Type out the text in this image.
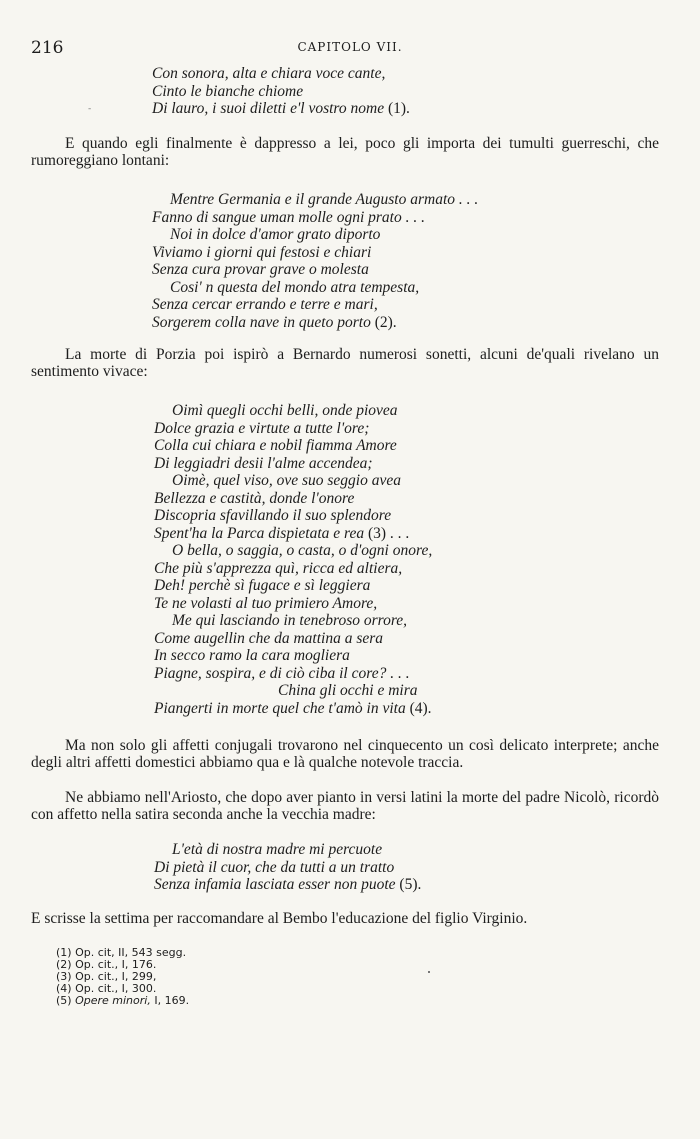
216	CAPITOLO VII.
Con sonora, alta e chiara voce cante,
Cinto le bianche chiome
Di lauro, i suoi diletti e'l vostro nome (1).
-
E quando egli finalmente è dappresso a lei, poco gli importa dei tumulti guerreschi, che rumoreggiano lontani:
Mentre Germania e il grande Augusto armato . . .
Fanno di sangue uman molle ogni prato . . .
Noi in dolce d'amor grato diporto
Viviamo i giorni qui festosi e chiari
Senza cura provar grave o molesta
Cosi' n questa del mondo atra tempesta,
Senza cercar errando e terre e mari,
Sorgerem colla nave in queto porto (2).
La morte di Porzia poi ispirò a Bernardo numerosi sonetti, alcuni de'quali rivelano un sentimento vivace:
Oimì quegli occhi belli, onde piovea
Dolce grazia e virtute a tutte l'ore;
Colla cui chiara e nobil fiamma Amore
Di leggiadri desii l'alme accendea;
Oimè, quel viso, ove suo seggio avea
Bellezza e castità, donde l'onore
Discopria sfavillando il suo splendore
Spent'ha la Parca dispietata e rea (3) . . .
O bella, o saggia, o casta, o d'ogni onore,
Che più s'apprezza quì, ricca ed altiera,
Deh! perchè sì fugace e sì leggiera
Te ne volasti al tuo primiero Amore,
Me qui lasciando in tenebroso orrore,
Come augellin che da mattina a sera
In secco ramo la cara mogliera
Piagne, sospira, e di ciò ciba il core? . . .
China gli occhi e mira
Piangerti in morte quel che t'amò in vita (4).
Ma non solo gli affetti conjugali trovarono nel cinquecento un così delicato interprete; anche degli altri affetti domestici abbiamo qua e là qualche notevole traccia.
Ne abbiamo nell'Ariosto, che dopo aver pianto in versi latini la morte del padre Nicolò, ricordò con affetto nella satira seconda anche la vecchia madre:
L'età di nostra madre mi percuote
Di pietà il cuor, che da tutti a un tratto
Senza infamia lasciata esser non puote (5).
E scrisse la settima per raccomandare al Bembo l'educazione del figlio Virginio.
(1) Op. cit, II, 543 segg.
(2) Op. cit., I, 176.
(3) Op. cit., I, 299,
(4) Op. cit., I, 300.
(5) Opere minori, I, 169.
